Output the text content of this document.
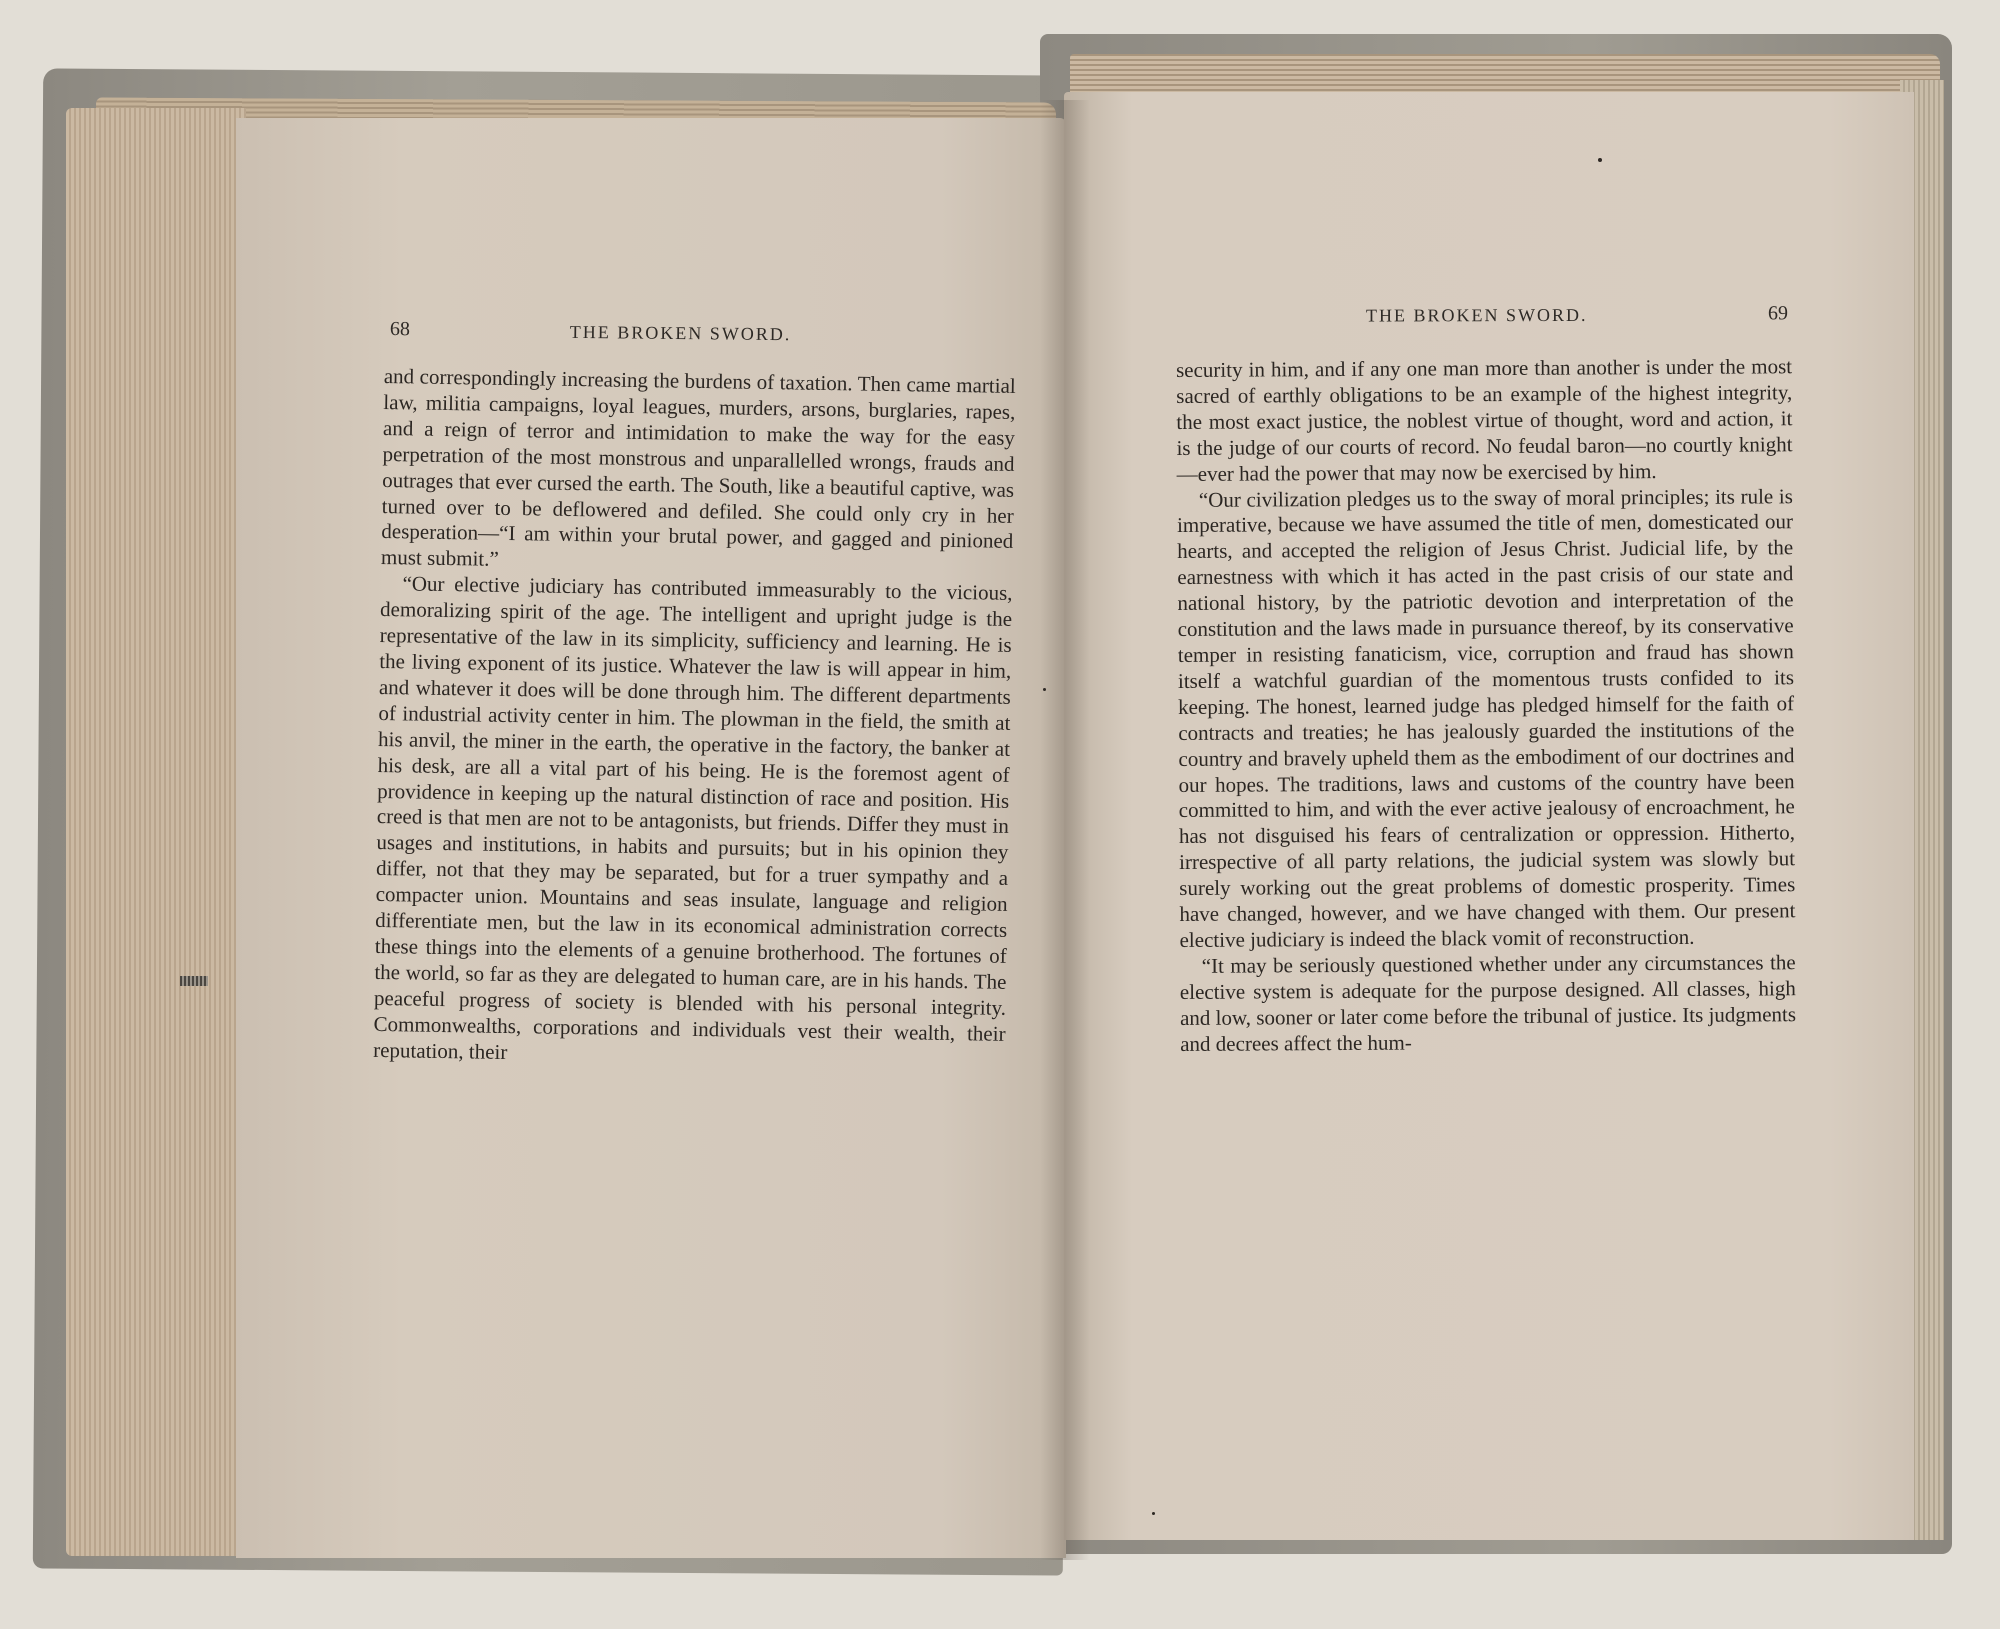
68	THE BROKEN SWORD.
THE BROKEN SWORD.	69

and correspondingly increasing the burdens of taxation. Then came martial law, militia campaigns, loyal leagues, murders, arsons, burglaries, rapes, and a reign of terror and intimidation to make the way for the easy perpetration of the most monstrous and unparallelled wrongs, frauds and outrages that ever cursed the earth. The South, like a beautiful captive, was turned over to be deflowered and defiled. She could only cry in her desperation—“I am within your brutal power, and gagged and pinioned must submit.”

“Our elective judiciary has contributed immeasurably to the vicious, demoralizing spirit of the age. The intelligent and upright judge is the representative of the law in its simplicity, sufficiency and learning. He is the living exponent of its justice. Whatever the law is will appear in him, and whatever it does will be done through him. The different departments of industrial activity center in him. The plowman in the field, the smith at his anvil, the miner in the earth, the operative in the factory, the banker at his desk, are all a vital part of his being. He is the foremost agent of providence in keeping up the natural distinction of race and position. His creed is that men are not to be antagonists, but friends. Differ they must in usages and institutions, in habits and pursuits; but in his opinion they differ, not that they may be separated, but for a truer sympathy and a compacter union. Mountains and seas insulate, language and religion differentiate men, but the law in its economical administration corrects these things into the elements of a genuine brotherhood. The fortunes of the world, so far as they are delegated to human care, are in his hands. The peaceful progress of society is blended with his personal integrity. Commonwealths, corporations and individuals vest their wealth, their reputation, their

security in him, and if any one man more than another is under the most sacred of earthly obligations to be an example of the highest integrity, the most exact justice, the noblest virtue of thought, word and action, it is the judge of our courts of record. No feudal baron—no courtly knight—ever had the power that may now be exercised by him.

“Our civilization pledges us to the sway of moral principles; its rule is imperative, because we have assumed the title of men, domesticated our hearts, and accepted the religion of Jesus Christ. Judicial life, by the earnestness with which it has acted in the past crisis of our state and national history, by the patriotic devotion and interpretation of the constitution and the laws made in pursuance thereof, by its conservative temper in resisting fanaticism, vice, corruption and fraud has shown itself a watchful guardian of the momentous trusts confided to its keeping. The honest, learned judge has pledged himself for the faith of contracts and treaties; he has jealously guarded the institutions of the country and bravely upheld them as the embodiment of our doctrines and our hopes. The traditions, laws and customs of the country have been committed to him, and with the ever active jealousy of encroachment, he has not disguised his fears of centralization or oppression. Hitherto, irrespective of all party relations, the judicial system was slowly but surely working out the great problems of domestic prosperity. Times have changed, however, and we have changed with them. Our present elective judiciary is indeed the black vomit of reconstruction.

“It may be seriously questioned whether under any circumstances the elective system is adequate for the purpose designed. All classes, high and low, sooner or later come before the tribunal of justice. Its judgments and decrees affect the hum-
